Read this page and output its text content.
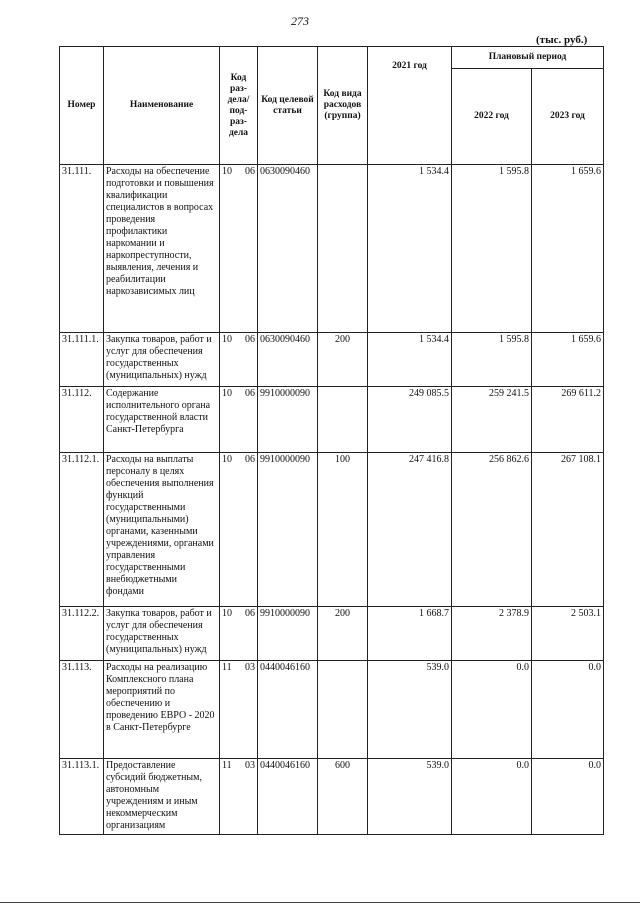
273
(тыс. руб.)
Номер	Наименование	Код раз-дела/ под-раз-дела	Код целевой статьи	Код вида расходов (группа)	2021 год	Плановый период	
						2022 год	2023 год
31.111.	Расходы на обеспечение подготовки и повышения квалификации специалистов в вопросах проведения профилактики наркомании и наркопреступности, выявления, лечения и реабилитации наркозависимых лиц	10 06	0630090460		1 534.4	1 595.8	1 659.6
31.111.1.	Закупка товаров, работ и услуг для обеспечения государственных (муниципальных) нужд	10 06	0630090460	200	1 534.4	1 595.8	1 659.6
31.112.	Содержание исполнительного органа государственной власти Санкт-Петербурга	10 06	9910000090		249 085.5	259 241.5	269 611.2
31.112.1.	Расходы на выплаты персоналу в целях обеспечения выполнения функций государственными (муниципальными) органами, казенными учреждениями, органами управления государственными внебюджетными фондами	10 06	9910000090	100	247 416.8	256 862.6	267 108.1
31.112.2.	Закупка товаров, работ и услуг для обеспечения государственных (муниципальных) нужд	10 06	9910000090	200	1 668.7	2 378.9	2 503.1
31.113.	Расходы на реализацию Комплексного плана мероприятий по обеспечению и проведению ЕВРО - 2020 в Санкт-Петербурге	11 03	0440046160		539.0	0.0	0.0
31.113.1.	Предоставление субсидий бюджетным, автономным учреждениям и иным некоммерческим организациям	11 03	0440046160	600	539.0	0.0	0.0
